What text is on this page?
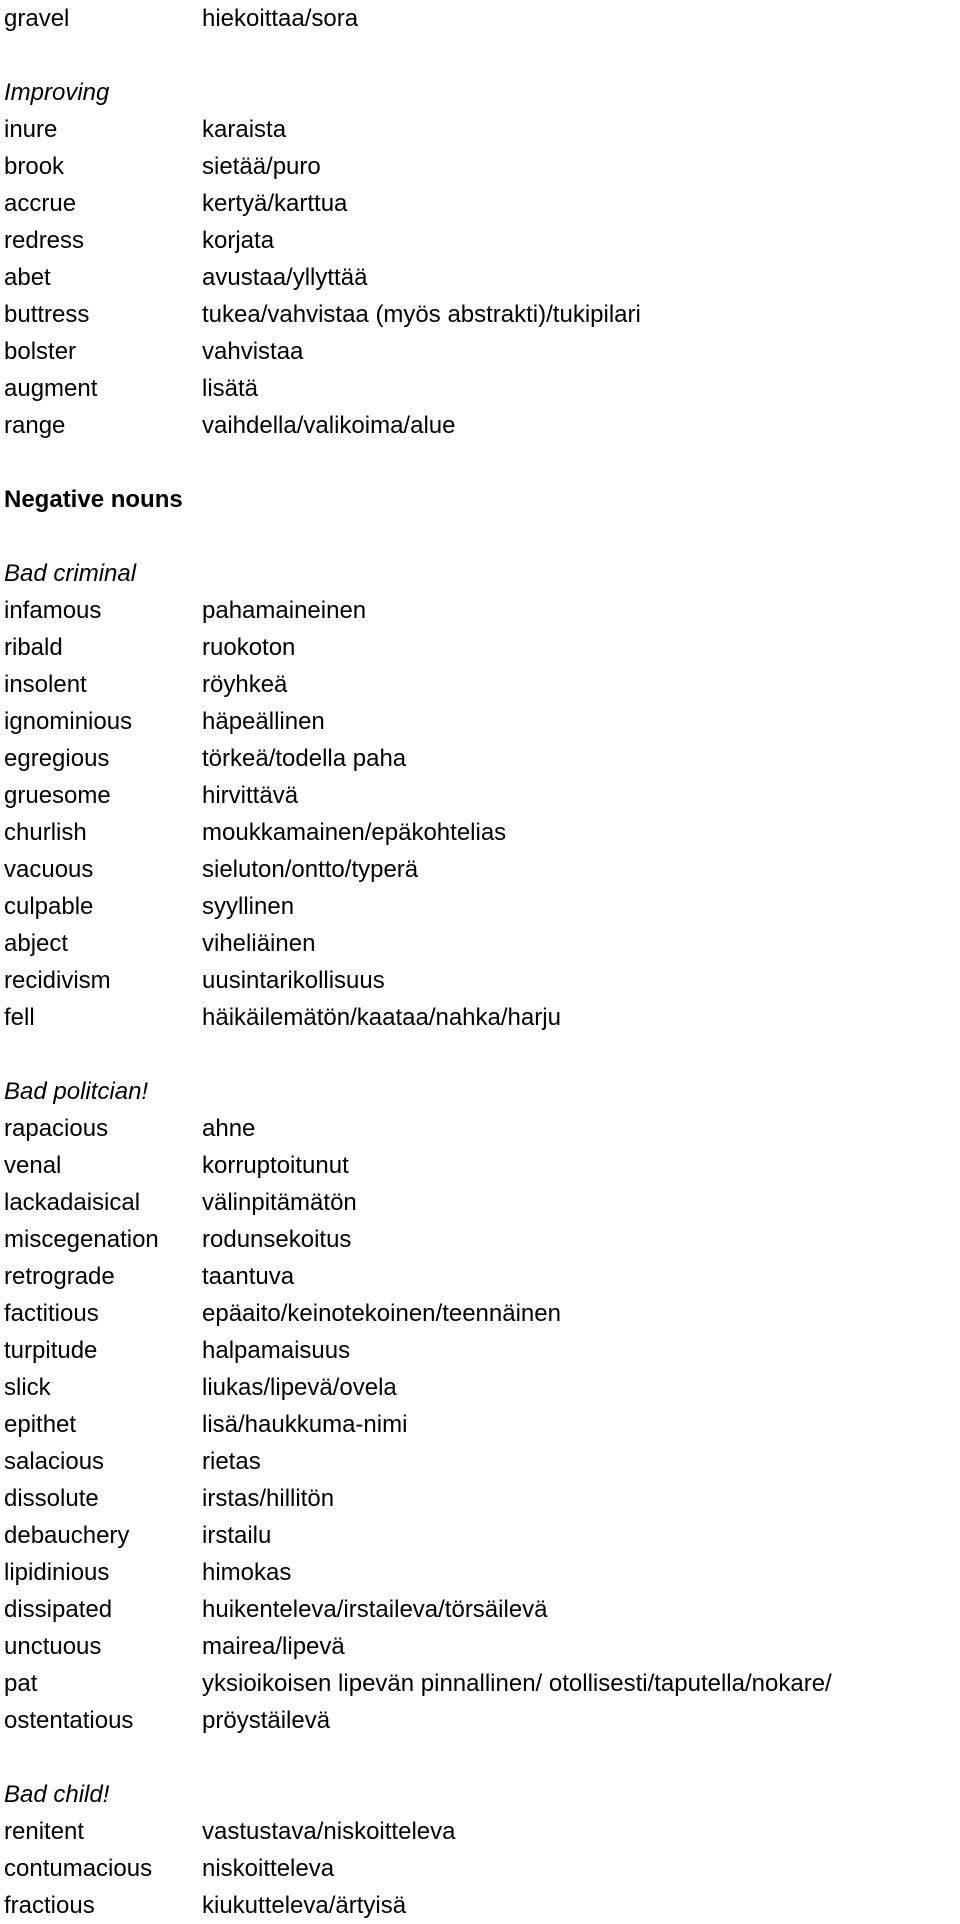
gravel	hiekoittaa/sora
Improving
inure	karaista
brook	sietää/puro
accrue	kertyä/karttua
redress	korjata
abet	avustaa/yllyttää
buttress	tukea/vahvistaa (myös abstrakti)/tukipilari
bolster	vahvistaa
augment	lisätä
range	vaihdella/valikoima/alue
Negative nouns
Bad criminal
infamous	pahamaineinen
ribald	ruokoton
insolent	röyhkeä
ignominious	häpeällinen
egregious	törkeä/todella paha
gruesome	hirvittävä
churlish	moukkamainen/epäkohtelias
vacuous	sieluton/ontto/typerä
culpable	syyllinen
abject	viheliäinen
recidivism	uusintarikollisuus
fell	häikäilemätön/kaataa/nahka/harju
Bad politcian!
rapacious	ahne
venal	korruptoitunut
lackadaisical	välinpitämätön
miscegenation rodunsekoitus
retrograde	taantuva
factitious	epäaito/keinotekoinen/teennäinen
turpitude	halpamaisuus
slick	liukas/lipevä/ovela
epithet	lisä/haukkuma-nimi
salacious	rietas
dissolute	irstas/hillitön
debauchery	irstailu
lipidinious	himokas
dissipated	huikenteleva/irstaileva/törsäilevä
unctuous	mairea/lipevä
pat	yksioikoisen lipevän pinnallinen/ otollisesti/taputella/nokare/
ostentatious	pröystäilevä
Bad child!
renitent	vastustava/niskoitteleva
contumacious niskoitteleva
fractious	kiukutteleva/ärtyisä
